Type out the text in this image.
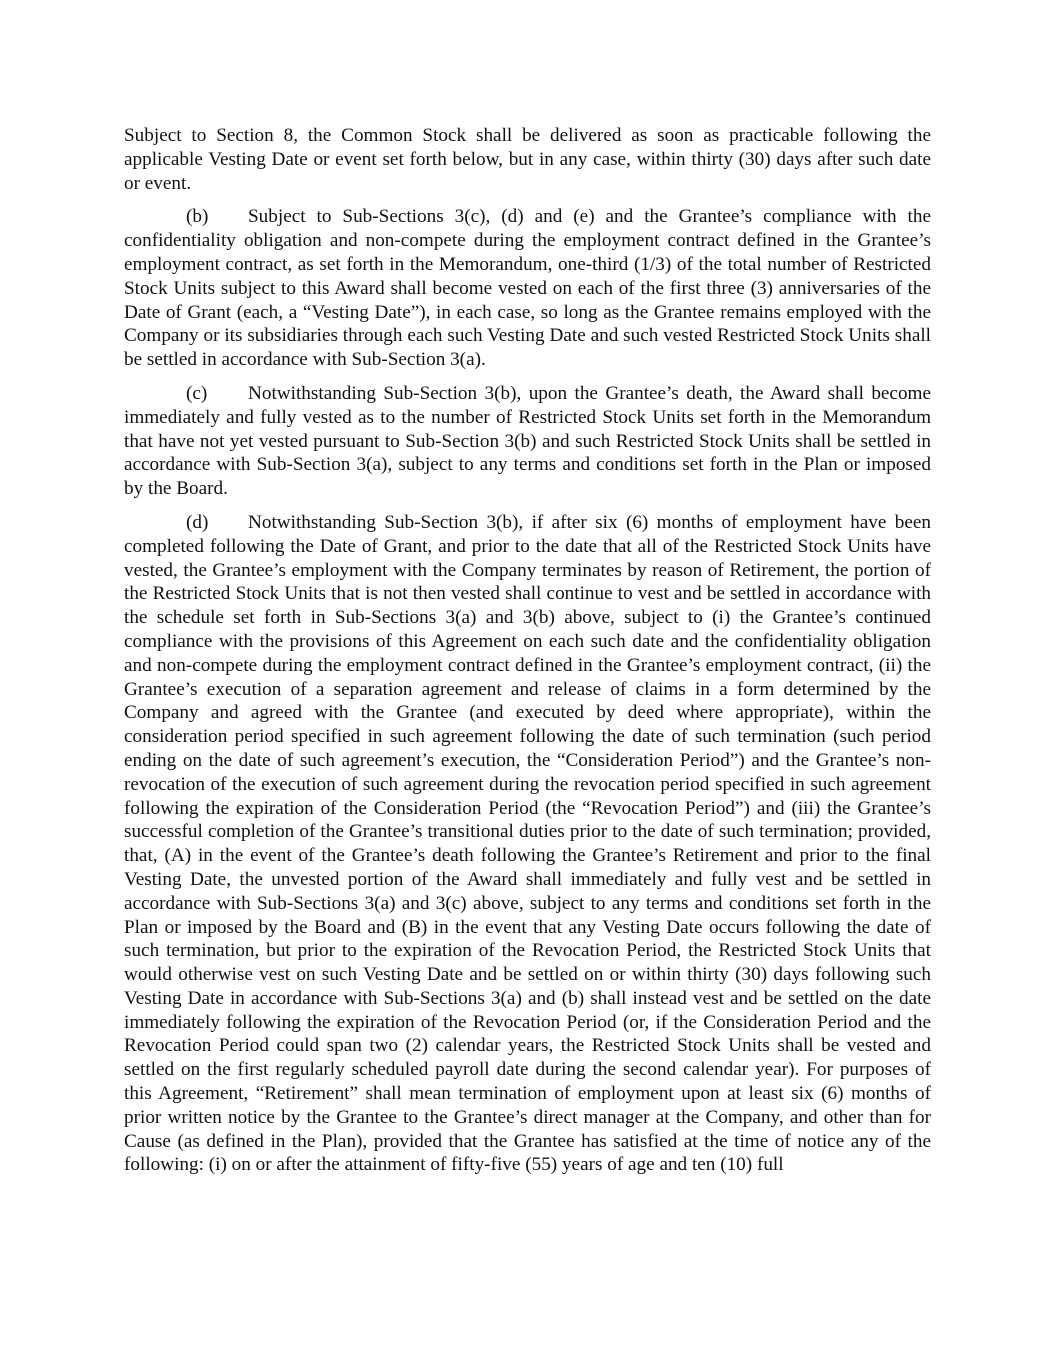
Subject to Section 8, the Common Stock shall be delivered as soon as practicable following the applicable Vesting Date or event set forth below, but in any case, within thirty (30) days after such date or event.

(b) Subject to Sub-Sections 3(c), (d) and (e) and the Grantee’s compliance with the confidentiality obligation and non-compete during the employment contract defined in the Grantee’s employment contract, as set forth in the Memorandum, one-third (1/3) of the total number of Restricted Stock Units subject to this Award shall become vested on each of the first three (3) anniversaries of the Date of Grant (each, a “Vesting Date”), in each case, so long as the Grantee remains employed with the Company or its subsidiaries through each such Vesting Date and such vested Restricted Stock Units shall be settled in accordance with Sub-Section 3(a).

(c) Notwithstanding Sub-Section 3(b), upon the Grantee’s death, the Award shall become immediately and fully vested as to the number of Restricted Stock Units set forth in the Memorandum that have not yet vested pursuant to Sub-Section 3(b) and such Restricted Stock Units shall be settled in accordance with Sub-Section 3(a), subject to any terms and conditions set forth in the Plan or imposed by the Board.

(d) Notwithstanding Sub-Section 3(b), if after six (6) months of employment have been completed following the Date of Grant, and prior to the date that all of the Restricted Stock Units have vested, the Grantee’s employment with the Company terminates by reason of Retirement, the portion of the Restricted Stock Units that is not then vested shall continue to vest and be settled in accordance with the schedule set forth in Sub-Sections 3(a) and 3(b) above, subject to (i) the Grantee’s continued compliance with the provisions of this Agreement on each such date and the confidentiality obligation and non-compete during the employment contract defined in the Grantee’s employment contract, (ii) the Grantee’s execution of a separation agreement and release of claims in a form determined by the Company and agreed with the Grantee (and executed by deed where appropriate), within the consideration period specified in such agreement following the date of such termination (such period ending on the date of such agreement’s execution, the “Consideration Period”) and the Grantee’s non-revocation of the execution of such agreement during the revocation period specified in such agreement following the expiration of the Consideration Period (the “Revocation Period”) and (iii) the Grantee’s successful completion of the Grantee’s transitional duties prior to the date of such termination; provided, that, (A) in the event of the Grantee’s death following the Grantee’s Retirement and prior to the final Vesting Date, the unvested portion of the Award shall immediately and fully vest and be settled in accordance with Sub-Sections 3(a) and 3(c) above, subject to any terms and conditions set forth in the Plan or imposed by the Board and (B) in the event that any Vesting Date occurs following the date of such termination, but prior to the expiration of the Revocation Period, the Restricted Stock Units that would otherwise vest on such Vesting Date and be settled on or within thirty (30) days following such Vesting Date in accordance with Sub-Sections 3(a) and (b) shall instead vest and be settled on the date immediately following the expiration of the Revocation Period (or, if the Consideration Period and the Revocation Period could span two (2) calendar years, the Restricted Stock Units shall be vested and settled on the first regularly scheduled payroll date during the second calendar year). For purposes of this Agreement, “Retirement” shall mean termination of employment upon at least six (6) months of prior written notice by the Grantee to the Grantee’s direct manager at the Company, and other than for Cause (as defined in the Plan), provided that the Grantee has satisfied at the time of notice any of the following: (i) on or after the attainment of fifty-five (55) years of age and ten (10) full
